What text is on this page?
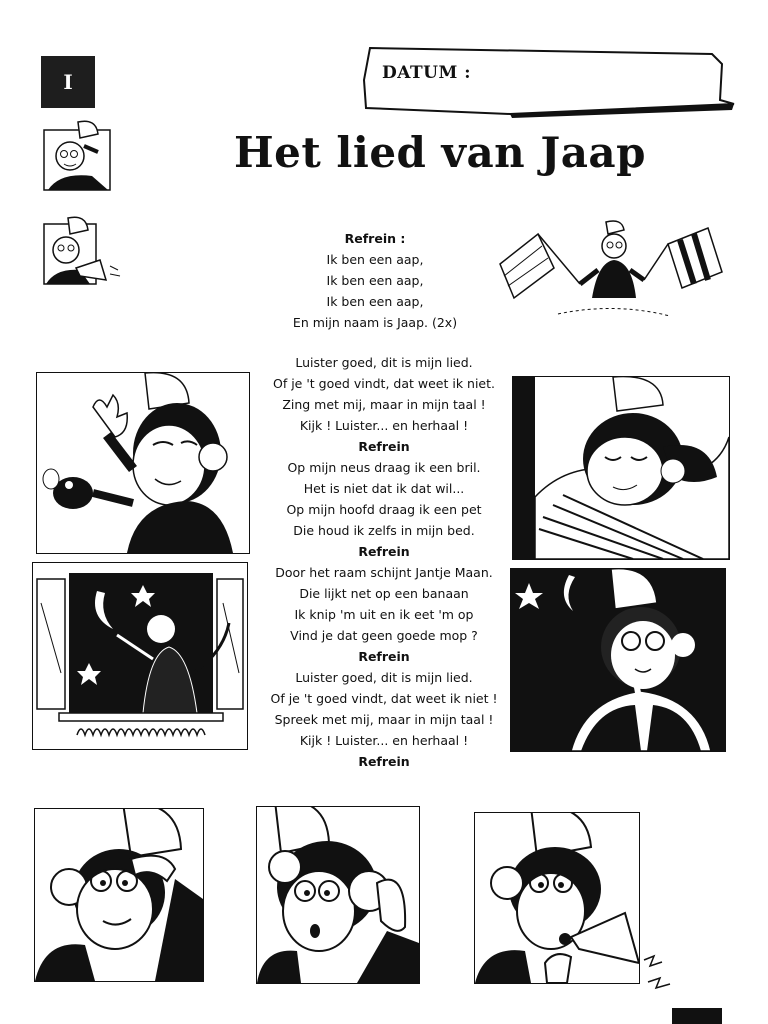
I	DATUM :
Het lied van Jaap
Refrein :
Ik ben een aap,
Ik ben een aap,
Ik ben een aap,
En mijn naam is Jaap. (2x)
Luister goed, dit is mijn lied.
Of je 't goed vindt, dat weet ik niet.
Zing met mij, maar in mijn taal !
Kijk ! Luister... en herhaal !
Refrein
Op mijn neus draag ik een bril.
Het is niet dat ik dat wil...
Op mijn hoofd draag ik een pet
Die houd ik zelfs in mijn bed.
Refrein
Door het raam schijnt Jantje Maan.
Die lijkt net op een banaan
Ik knip 'm uit en ik eet 'm op
Vind je dat geen goede mop ?
Refrein
Luister goed, dit is mijn lied.
Of je 't goed vindt, dat weet ik niet !
Spreek met mij, maar in mijn taal !
Kijk ! Luister... en herhaal !
Refrein
